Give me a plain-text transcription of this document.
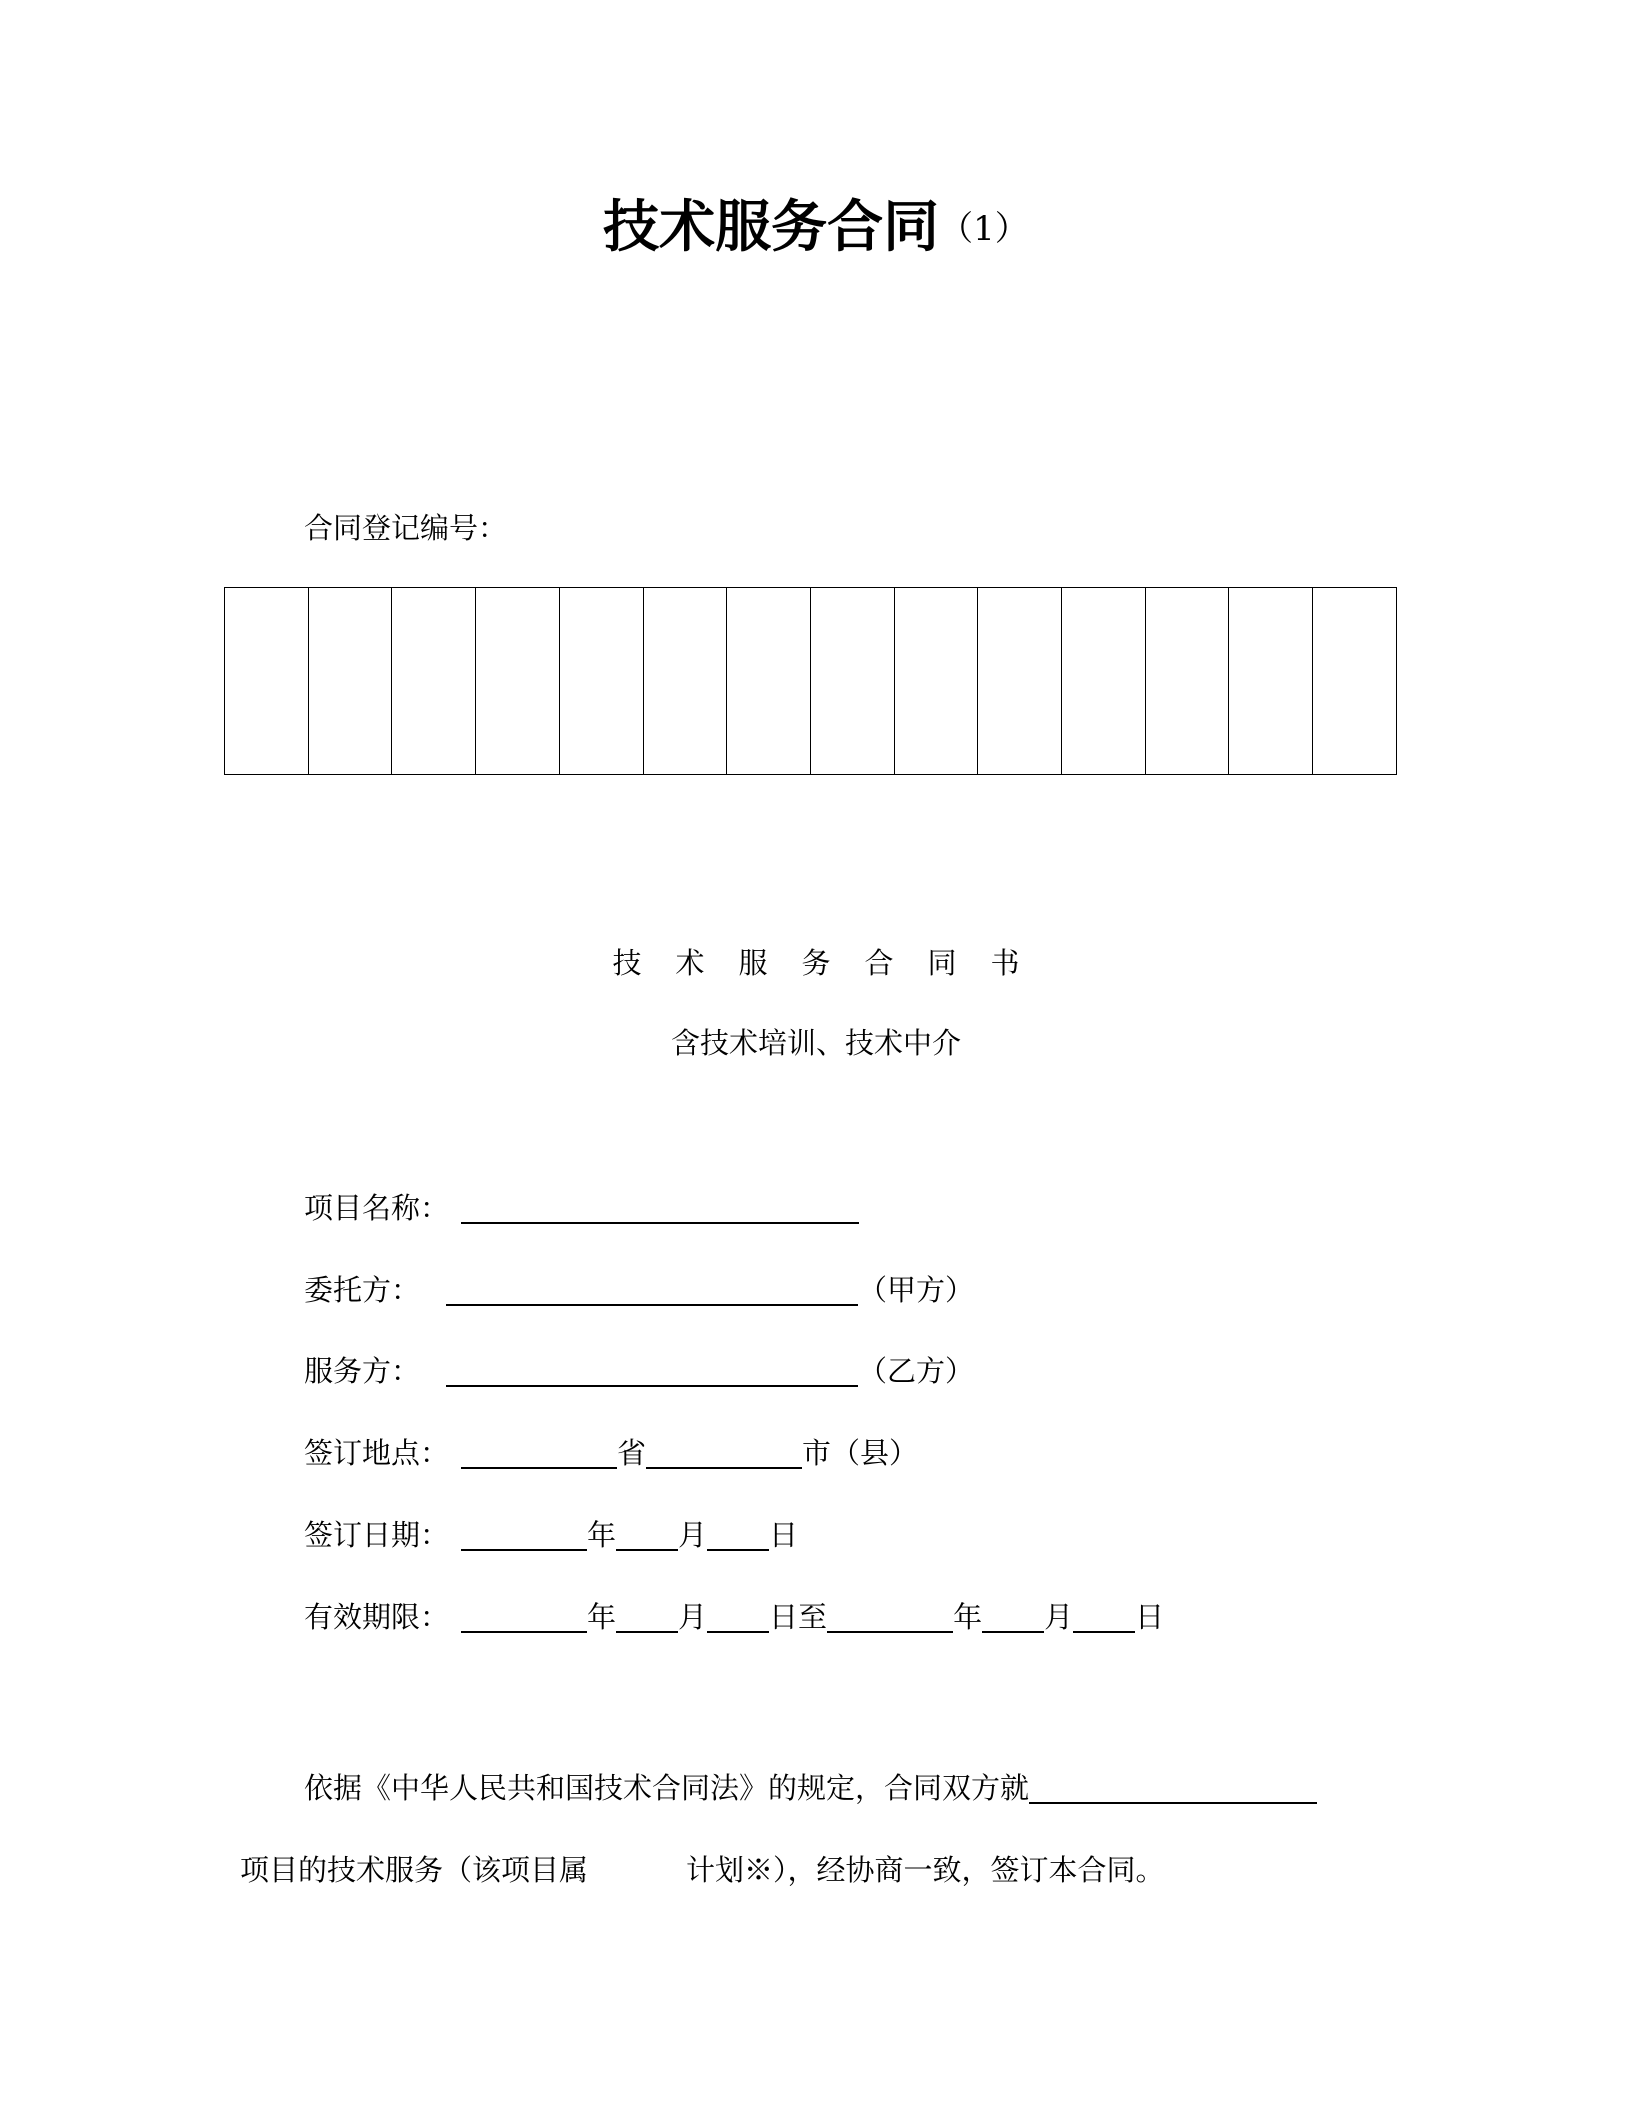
技术服务合同（1）
合同登记编号：

技术服务合同书
含技术培训、技术中介
项目名称：
委托方：	（甲方）
服务方：	（乙方）
签订地点：	省	市（县）
签订日期：	年 月 日
有效期限：	年 月 日至	年 月 日
依据《中华人民共和国技术合同法》的规定，合同双方就
项目的技术服务（该项目属	计划※），经协商一致，签订本合同。
